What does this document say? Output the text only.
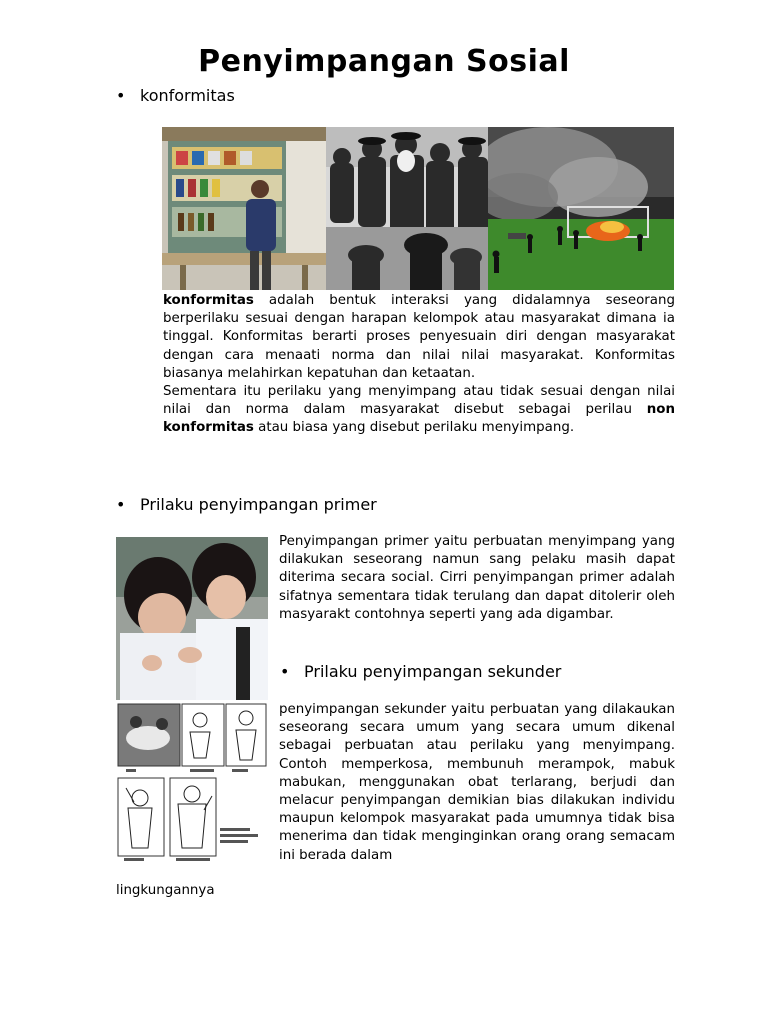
Penyimpangan Sosial
• konformitas
konformitas adalah bentuk interaksi yang didalamnya seseorang berperilaku sesuai dengan harapan kelompok atau masyarakat dimana ia tinggal. Konformitas berarti proses penyesuain diri dengan masyarakat dengan cara menaati norma dan nilai nilai masyarakat. Konformitas biasanya melahirkan kepatuhan dan ketaatan.
Sementara itu perilaku yang menyimpang atau tidak sesuai dengan nilai nilai dan norma dalam masyarakat disebut sebagai perilau non konformitas atau biasa yang disebut perilaku menyimpang.
• Prilaku penyimpangan primer
Penyimpangan primer yaitu perbuatan menyimpang yang dilakukan seseorang namun sang pelaku masih dapat diterima secara social. Cirri penyimpangan primer adalah sifatnya sementara tidak terulang dan dapat ditolerir oleh masyarakt contohnya seperti yang ada digambar.
• Prilaku penyimpangan sekunder
penyimpangan sekunder yaitu perbuatan yang dilakaukan seseorang secara umum yang secara umum dikenal sebagai perbuatan atau perilaku yang menyimpang. Contoh memperkosa, membunuh merampok, mabuk mabukan, menggunakan obat terlarang, berjudi dan melacur penyimpangan demikian bias dilakukan individu maupun kelompok masyarakat pada umumnya tidak bisa menerima dan tidak menginginkan orang orang semacam ini berada dalam
lingkungannya
